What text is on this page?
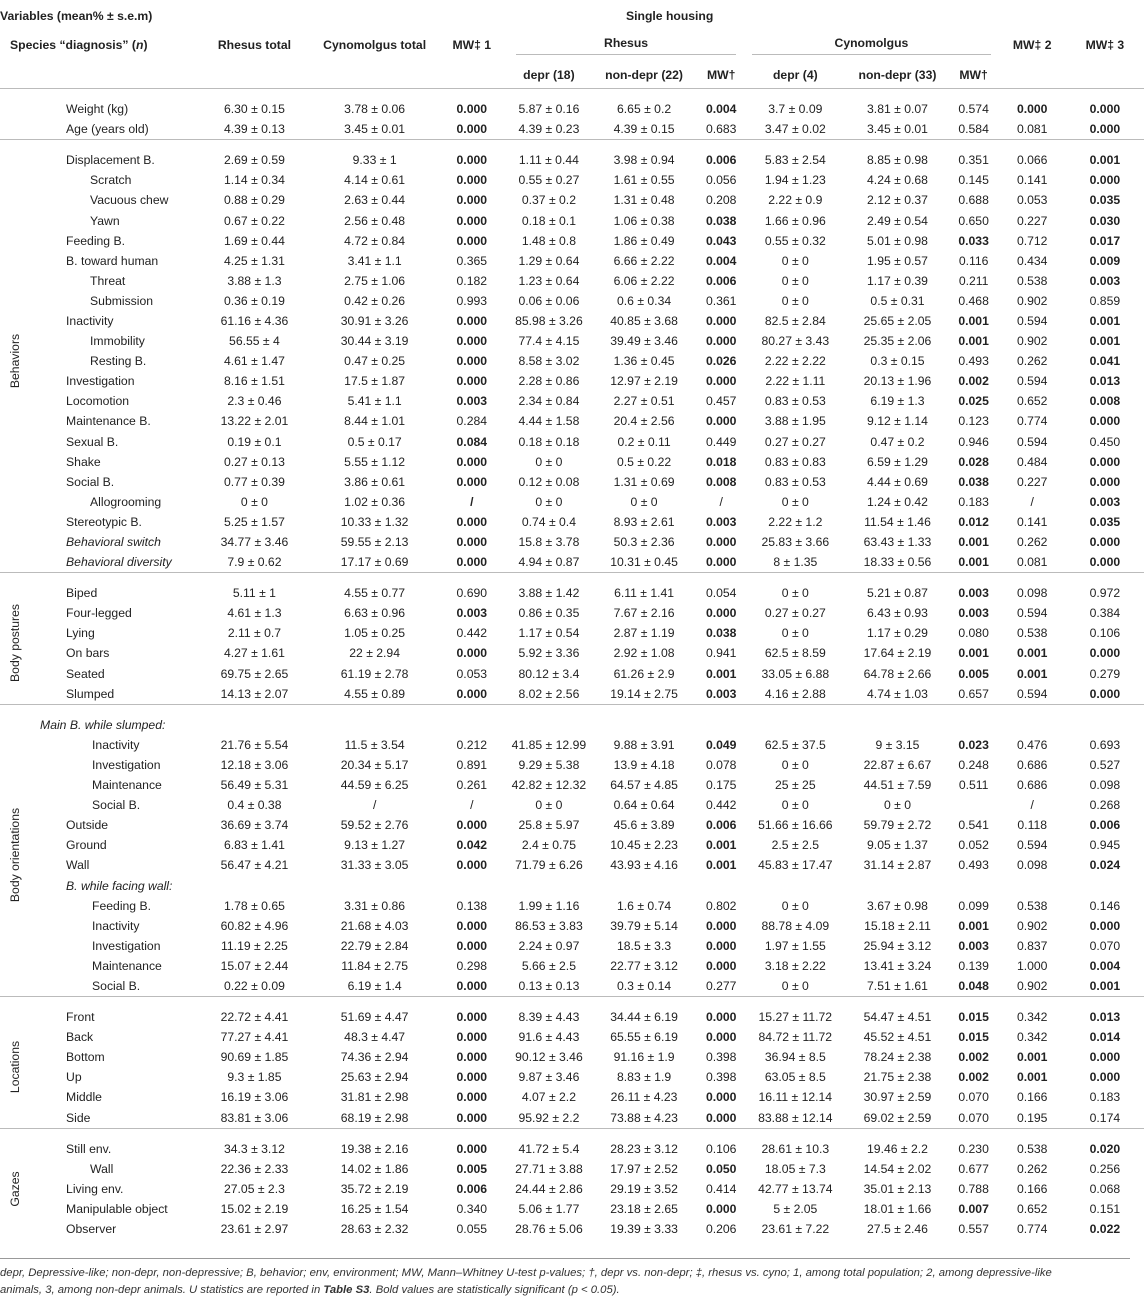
Variables (mean% ± s.e.m)		Single housing										
Species “diagnosis” (n)		Rhesus total	Cynomolgus total	MW‡ 1	Rhesus			Cynomolgus			MW‡ 2	MW‡ 3
					depr (18)	non-depr (22)	MW†	depr (4)	non-depr (33)	MW†		

	Weight (kg)	6.30 ± 0.15	3.78 ± 0.06	0.000	5.87 ± 0.16	6.65 ± 0.2	0.004	3.7 ± 0.09	3.81 ± 0.07	0.574	0.000	0.000
	Age (years old)	4.39 ± 0.13	3.45 ± 0.01	0.000	4.39 ± 0.23	4.39 ± 0.15	0.683	3.47 ± 0.02	3.45 ± 0.01	0.584	0.081	0.000

Behaviors	Displacement B.	2.69 ± 0.59	9.33 ± 1	0.000	1.11 ± 0.44	3.98 ± 0.94	0.006	5.83 ± 2.54	8.85 ± 0.98	0.351	0.066	0.001
	Scratch	1.14 ± 0.34	4.14 ± 0.61	0.000	0.55 ± 0.27	1.61 ± 0.55	0.056	1.94 ± 1.23	4.24 ± 0.68	0.145	0.141	0.000
	Vacuous chew	0.88 ± 0.29	2.63 ± 0.44	0.000	0.37 ± 0.2	1.31 ± 0.48	0.208	2.22 ± 0.9	2.12 ± 0.37	0.688	0.053	0.035
	Yawn	0.67 ± 0.22	2.56 ± 0.48	0.000	0.18 ± 0.1	1.06 ± 0.38	0.038	1.66 ± 0.96	2.49 ± 0.54	0.650	0.227	0.030
	Feeding B.	1.69 ± 0.44	4.72 ± 0.84	0.000	1.48 ± 0.8	1.86 ± 0.49	0.043	0.55 ± 0.32	5.01 ± 0.98	0.033	0.712	0.017
	B. toward human	4.25 ± 1.31	3.41 ± 1.1	0.365	1.29 ± 0.64	6.66 ± 2.22	0.004	0 ± 0	1.95 ± 0.57	0.116	0.434	0.009
	Threat	3.88 ± 1.3	2.75 ± 1.06	0.182	1.23 ± 0.64	6.06 ± 2.22	0.006	0 ± 0	1.17 ± 0.39	0.211	0.538	0.003
	Submission	0.36 ± 0.19	0.42 ± 0.26	0.993	0.06 ± 0.06	0.6 ± 0.34	0.361	0 ± 0	0.5 ± 0.31	0.468	0.902	0.859
	Inactivity	61.16 ± 4.36	30.91 ± 3.26	0.000	85.98 ± 3.26	40.85 ± 3.68	0.000	82.5 ± 2.84	25.65 ± 2.05	0.001	0.594	0.001
	Immobility	56.55 ± 4	30.44 ± 3.19	0.000	77.4 ± 4.15	39.49 ± 3.46	0.000	80.27 ± 3.43	25.35 ± 2.06	0.001	0.902	0.001
	Resting B.	4.61 ± 1.47	0.47 ± 0.25	0.000	8.58 ± 3.02	1.36 ± 0.45	0.026	2.22 ± 2.22	0.3 ± 0.15	0.493	0.262	0.041
	Investigation	8.16 ± 1.51	17.5 ± 1.87	0.000	2.28 ± 0.86	12.97 ± 2.19	0.000	2.22 ± 1.11	20.13 ± 1.96	0.002	0.594	0.013
	Locomotion	2.3 ± 0.46	5.41 ± 1.1	0.003	2.34 ± 0.84	2.27 ± 0.51	0.457	0.83 ± 0.53	6.19 ± 1.3	0.025	0.652	0.008
	Maintenance B.	13.22 ± 2.01	8.44 ± 1.01	0.284	4.44 ± 1.58	20.4 ± 2.56	0.000	3.88 ± 1.95	9.12 ± 1.14	0.123	0.774	0.000
	Sexual B.	0.19 ± 0.1	0.5 ± 0.17	0.084	0.18 ± 0.18	0.2 ± 0.11	0.449	0.27 ± 0.27	0.47 ± 0.2	0.946	0.594	0.450
	Shake	0.27 ± 0.13	5.55 ± 1.12	0.000	0 ± 0	0.5 ± 0.22	0.018	0.83 ± 0.83	6.59 ± 1.29	0.028	0.484	0.000
	Social B.	0.77 ± 0.39	3.86 ± 0.61	0.000	0.12 ± 0.08	1.31 ± 0.69	0.008	0.83 ± 0.53	4.44 ± 0.69	0.038	0.227	0.000
	Allogrooming	0 ± 0	1.02 ± 0.36	/	0 ± 0	0 ± 0	/	0 ± 0	1.24 ± 0.42	0.183	/	0.003
	Stereotypic B.	5.25 ± 1.57	10.33 ± 1.32	0.000	0.74 ± 0.4	8.93 ± 2.61	0.003	2.22 ± 1.2	11.54 ± 1.46	0.012	0.141	0.035
	Behavioral switch	34.77 ± 3.46	59.55 ± 2.13	0.000	15.8 ± 3.78	50.3 ± 2.36	0.000	25.83 ± 3.66	63.43 ± 1.33	0.001	0.262	0.000
	Behavioral diversity	7.9 ± 0.62	17.17 ± 0.69	0.000	4.94 ± 0.87	10.31 ± 0.45	0.000	8 ± 1.35	18.33 ± 0.56	0.001	0.081	0.000

Body postures	Biped	5.11 ± 1	4.55 ± 0.77	0.690	3.88 ± 1.42	6.11 ± 1.41	0.054	0 ± 0	5.21 ± 0.87	0.003	0.098	0.972
	Four-legged	4.61 ± 1.3	6.63 ± 0.96	0.003	0.86 ± 0.35	7.67 ± 2.16	0.000	0.27 ± 0.27	6.43 ± 0.93	0.003	0.594	0.384
	Lying	2.11 ± 0.7	1.05 ± 0.25	0.442	1.17 ± 0.54	2.87 ± 1.19	0.038	0 ± 0	1.17 ± 0.29	0.080	0.538	0.106
	On bars	4.27 ± 1.61	22 ± 2.94	0.000	5.92 ± 3.36	2.92 ± 1.08	0.941	62.5 ± 8.59	17.64 ± 2.19	0.001	0.001	0.000
	Seated	69.75 ± 2.65	61.19 ± 2.78	0.053	80.12 ± 3.4	61.26 ± 2.9	0.001	33.05 ± 6.88	64.78 ± 2.66	0.005	0.001	0.279
	Slumped	14.13 ± 2.07	4.55 ± 0.89	0.000	8.02 ± 2.56	19.14 ± 2.75	0.003	4.16 ± 2.88	4.74 ± 1.03	0.657	0.594	0.000

Body orientations	Main B. while slumped:											
	Inactivity	21.76 ± 5.54	11.5 ± 3.54	0.212	41.85 ± 12.99	9.88 ± 3.91	0.049	62.5 ± 37.5	9 ± 3.15	0.023	0.476	0.693
	Investigation	12.18 ± 3.06	20.34 ± 5.17	0.891	9.29 ± 5.38	13.9 ± 4.18	0.078	0 ± 0	22.87 ± 6.67	0.248	0.686	0.527
	Maintenance	56.49 ± 5.31	44.59 ± 6.25	0.261	42.82 ± 12.32	64.57 ± 4.85	0.175	25 ± 25	44.51 ± 7.59	0.511	0.686	0.098
	Social B.	0.4 ± 0.38	/	/	0 ± 0	0.64 ± 0.64	0.442	0 ± 0	0 ± 0		/	0.268
	Outside	36.69 ± 3.74	59.52 ± 2.76	0.000	25.8 ± 5.97	45.6 ± 3.89	0.006	51.66 ± 16.66	59.79 ± 2.72	0.541	0.118	0.006
	Ground	6.83 ± 1.41	9.13 ± 1.27	0.042	2.4 ± 0.75	10.45 ± 2.23	0.001	2.5 ± 2.5	9.05 ± 1.37	0.052	0.594	0.945
	Wall	56.47 ± 4.21	31.33 ± 3.05	0.000	71.79 ± 6.26	43.93 ± 4.16	0.001	45.83 ± 17.47	31.14 ± 2.87	0.493	0.098	0.024
	B. while facing wall:											
	Feeding B.	1.78 ± 0.65	3.31 ± 0.86	0.138	1.99 ± 1.16	1.6 ± 0.74	0.802	0 ± 0	3.67 ± 0.98	0.099	0.538	0.146
	Inactivity	60.82 ± 4.96	21.68 ± 4.03	0.000	86.53 ± 3.83	39.79 ± 5.14	0.000	88.78 ± 4.09	15.18 ± 2.11	0.001	0.902	0.000
	Investigation	11.19 ± 2.25	22.79 ± 2.84	0.000	2.24 ± 0.97	18.5 ± 3.3	0.000	1.97 ± 1.55	25.94 ± 3.12	0.003	0.837	0.070
	Maintenance	15.07 ± 2.44	11.84 ± 2.75	0.298	5.66 ± 2.5	22.77 ± 3.12	0.000	3.18 ± 2.22	13.41 ± 3.24	0.139	1.000	0.004
	Social B.	0.22 ± 0.09	6.19 ± 1.4	0.000	0.13 ± 0.13	0.3 ± 0.14	0.277	0 ± 0	7.51 ± 1.61	0.048	0.902	0.001

Locations	Front	22.72 ± 4.41	51.69 ± 4.47	0.000	8.39 ± 4.43	34.44 ± 6.19	0.000	15.27 ± 11.72	54.47 ± 4.51	0.015	0.342	0.013
	Back	77.27 ± 4.41	48.3 ± 4.47	0.000	91.6 ± 4.43	65.55 ± 6.19	0.000	84.72 ± 11.72	45.52 ± 4.51	0.015	0.342	0.014
	Bottom	90.69 ± 1.85	74.36 ± 2.94	0.000	90.12 ± 3.46	91.16 ± 1.9	0.398	36.94 ± 8.5	78.24 ± 2.38	0.002	0.001	0.000
	Up	9.3 ± 1.85	25.63 ± 2.94	0.000	9.87 ± 3.46	8.83 ± 1.9	0.398	63.05 ± 8.5	21.75 ± 2.38	0.002	0.001	0.000
	Middle	16.19 ± 3.06	31.81 ± 2.98	0.000	4.07 ± 2.2	26.11 ± 4.23	0.000	16.11 ± 12.14	30.97 ± 2.59	0.070	0.166	0.183
	Side	83.81 ± 3.06	68.19 ± 2.98	0.000	95.92 ± 2.2	73.88 ± 4.23	0.000	83.88 ± 12.14	69.02 ± 2.59	0.070	0.195	0.174

Gazes	Still env.	34.3 ± 3.12	19.38 ± 2.16	0.000	41.72 ± 5.4	28.23 ± 3.12	0.106	28.61 ± 10.3	19.46 ± 2.2	0.230	0.538	0.020
	Wall	22.36 ± 2.33	14.02 ± 1.86	0.005	27.71 ± 3.88	17.97 ± 2.52	0.050	18.05 ± 7.3	14.54 ± 2.02	0.677	0.262	0.256
	Living env.	27.05 ± 2.3	35.72 ± 2.19	0.006	24.44 ± 2.86	29.19 ± 3.52	0.414	42.77 ± 13.74	35.01 ± 2.13	0.788	0.166	0.068
	Manipulable object	15.02 ± 2.19	16.25 ± 1.54	0.340	5.06 ± 1.77	23.18 ± 2.65	0.000	5 ± 2.05	18.01 ± 1.66	0.007	0.652	0.151
	Observer	23.61 ± 2.97	28.63 ± 2.32	0.055	28.76 ± 5.06	19.39 ± 3.33	0.206	23.61 ± 7.22	27.5 ± 2.46	0.557	0.774	0.022
depr, Depressive-like; non-depr, non-depressive; B, behavior; env, environment; MW, Mann–Whitney U-test p-values; †, depr vs. non-depr; ‡, rhesus vs. cyno; 1, among total population; 2, among depressive-like
animals, 3, among non-depr animals. U statistics are reported in Table S3. Bold values are statistically significant (p < 0.05).
